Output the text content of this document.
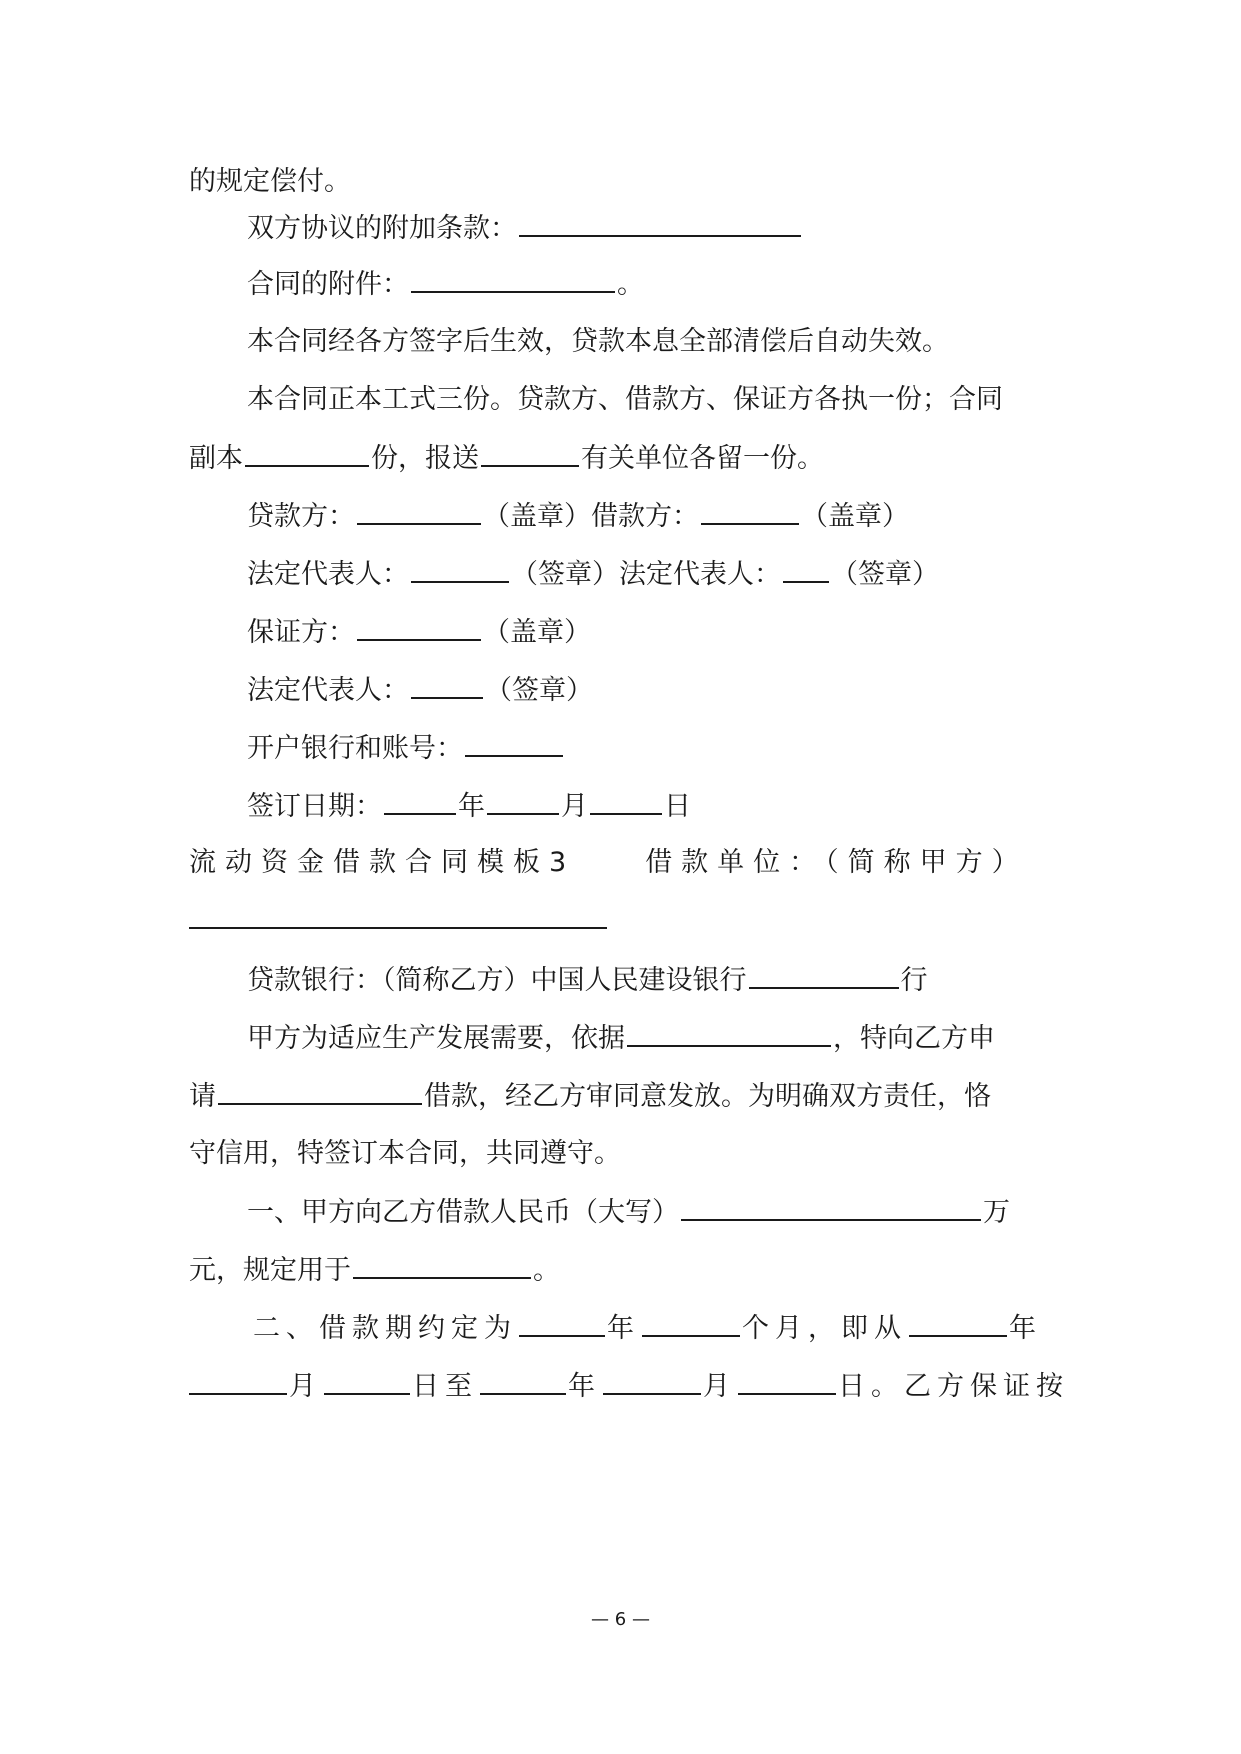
的规定偿付。
双方协议的附加条款：
合同的附件：	。
本合同经各方签字后生效，贷款本息全部清偿后自动失效。
本合同正本工式三份。贷款方、借款方、保证方各执一份；合同
副本	份，报送	有关单位各留一份。
贷款方：	（盖章）借款方：	（盖章）
法定代表人：	（签章）法定代表人： （签章）
保证方：	（盖章）
法定代表人：	（签章）
开户银行和账号：
签订日期：	年	月	日
流动资金借款合同模板3	借款单位：（简称甲方）
贷款银行：（简称乙方）中国人民建设银行	行
甲方为适应生产发展需要，依据	，特向乙方申
请	借款，经乙方审同意发放。为明确双方责任，恪
守信用，特签订本合同，共同遵守。
一、甲方向乙方借款人民币（大写）	万
元，规定用于	。
二、借款期约定为	年	个月，即从	年
月	日至	年	月	日。乙方保证按
— 6 —
